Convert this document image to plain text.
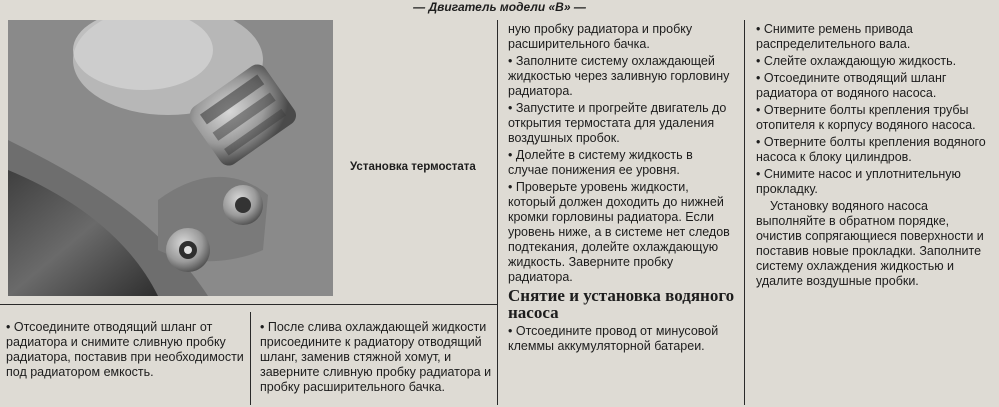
— Двигатель модели «В» —
Установка термостата

• Отсоедините отводящий шланг от радиатора и снимите сливную пробку радиатора, поставив при необходимости под радиатором емкость.

• После слива охлаждающей жидкости присоедините к радиатору отводящий шланг, заменив стяжной хомут, и заверните сливную пробку радиатора и пробку расширительного бачка.

ную пробку радиатора и пробку расширительного бачка.

• Заполните систему охлаждающей жидкостью через заливную горловину радиатора.

• Запустите и прогрейте двигатель до открытия термостата для удаления воздушных пробок.

• Долейте в систему жидкость в случае понижения ее уровня.

• Проверьте уровень жидкости, который должен доходить до нижней кромки горловины радиатора. Если уровень ниже, а в системе нет следов подтекания, долейте охлаждающую жидкость. Заверните пробку радиатора.

Снятие и установка водяного насоса

• Отсоедините провод от минусовой клеммы аккумуляторной батареи.

• Снимите ремень привода распределительного вала.

• Слейте охлаждающую жидкость.

• Отсоедините отводящий шланг радиатора от водяного насоса.

• Отверните болты крепления трубы отопителя к корпусу водяного насоса.

• Отверните болты крепления водяного насоса к блоку цилиндров.

• Снимите насос и уплотнительную прокладку.

Установку водяного насоса выполняйте в обратном порядке, очистив сопрягающиеся поверхности и поставив новые прокладки. Заполните систему охлаждения жидкостью и удалите воздушные пробки.
